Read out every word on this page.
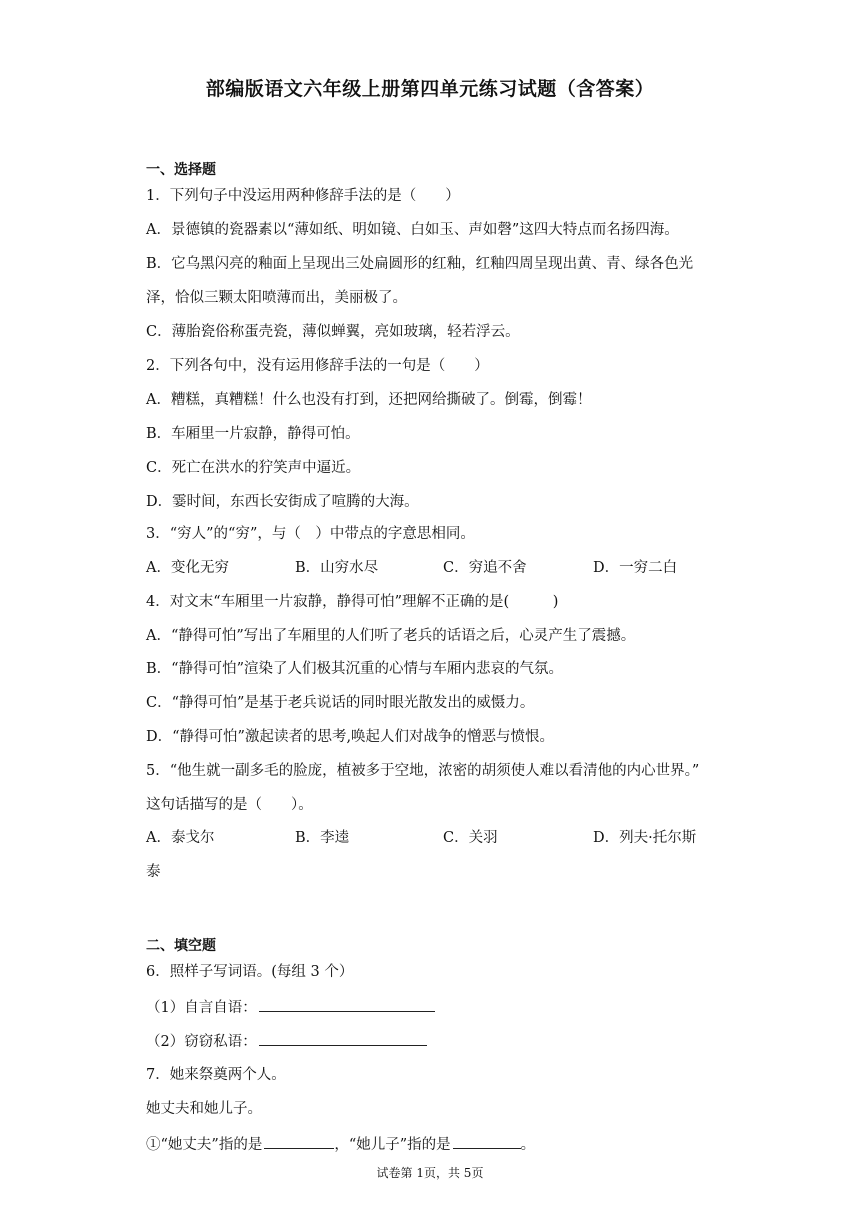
部编版语文六年级上册第四单元练习试题（含答案）
一、选择题
1．下列句子中没运用两种修辞手法的是（　　）
A．景德镇的瓷器素以“薄如纸、明如镜、白如玉、声如磬”这四大特点而名扬四海。
B．它乌黑闪亮的釉面上呈现出三处扁圆形的红釉，红釉四周呈现出黄、青、绿各色光
泽，恰似三颗太阳喷薄而出，美丽极了。
C．薄胎瓷俗称蛋壳瓷，薄似蝉翼，亮如玻璃，轻若浮云。
2．下列各句中，没有运用修辞手法的一句是（　　）
A．糟糕，真糟糕！什么也没有打到，还把网给撕破了。倒霉，倒霉！
B．车厢里一片寂静，静得可怕。
C．死亡在洪水的狞笑声中逼近。
D．霎时间，东西长安街成了喧腾的大海。
3．“穷人”的“穷”，与（　）中带点的字意思相同。
A．变化无穷	B．山穷水尽	C．穷追不舍	D．一穷二白
4．对文末“车厢里一片寂静，静得可怕”理解不正确的是(　　　)
A．“静得可怕”写出了车厢里的人们听了老兵的话语之后，心灵产生了震撼。
B．“静得可怕”渲染了人们极其沉重的心情与车厢内悲哀的气氛。
C．“静得可怕”是基于老兵说话的同时眼光散发出的威慑力。
D．“静得可怕”激起读者的思考,唤起人们对战争的憎恶与愤恨。
5．“他生就一副多毛的脸庞，植被多于空地，浓密的胡须使人难以看清他的内心世界。”
这句话描写的是（　　）。
A．泰戈尔	B．李逵	C．关羽	D．列夫·托尔斯
泰
二、填空题
6．照样子写词语。(每组 3 个）
（1）自言自语：
（2）窃窃私语：
7．她来祭奠两个人。
她丈夫和她儿子。
①“她丈夫”指的是	，“她儿子”指的是	。
试卷第 1页，共 5页
